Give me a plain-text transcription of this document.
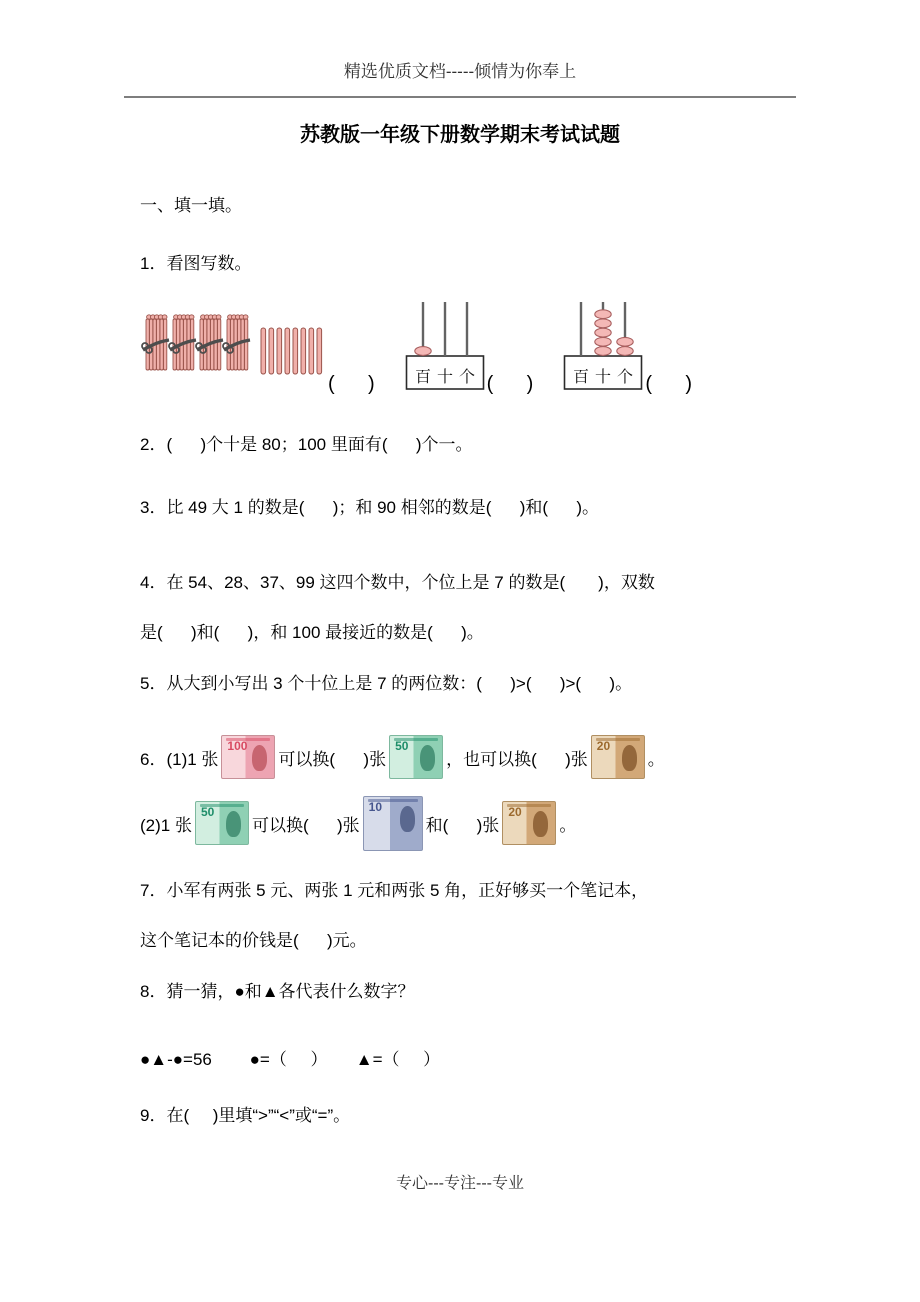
精选优质文档-----倾情为你奉上
苏教版一年级下册数学期末考试试题

一、填一填。

1．看图写数。

(      ) 百 十 个 (      ) 百 十 个 (      )

2．(      )个十是 80；100 里面有(      )个一。

3．比 49 大 1 的数是(      )；和 90 相邻的数是(      )和(      )。

4．在 54、28、37、99 这四个数中，个位上是 7 的数是(       )，双数
是(      )和(      )，和 100 最接近的数是(      )。

5．从大到小写出 3 个十位上是 7 的两位数：(      )>(      )>(      )。

6．(1)1 张
100
可以换(      )张
50
，也可以换(      )张
20
。
(2)1 张
50
可以换(      )张
10
和(      )张
20
。

7．小军有两张 5 元、两张 1 元和两张 5 角，正好够买一个笔记本，
这个笔记本的价钱是(      )元。

8．猜一猜，●和▲各代表什么数字？

●▲-●=56        ●=（     ）      ▲=（     ）

9．在(     )里填“>”“<”或“=”。

专心---专注---专业
